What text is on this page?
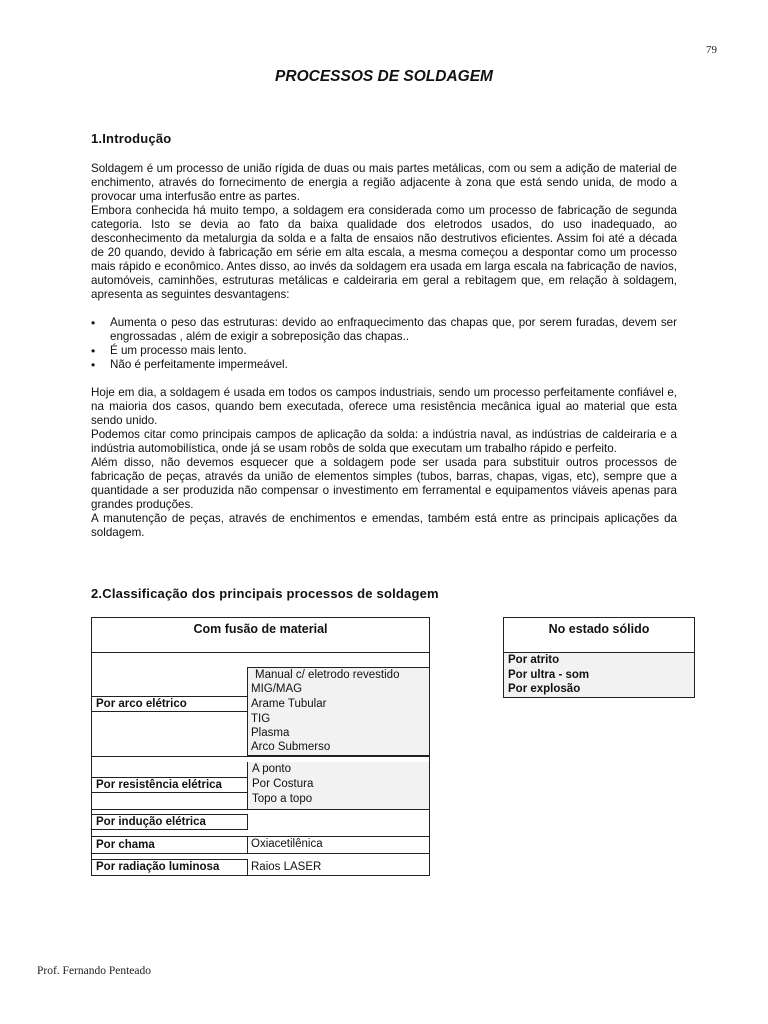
79
PROCESSOS DE SOLDAGEM
1.Introdução

Soldagem é um processo de união rígida de duas ou mais partes metálicas, com ou sem a adição de material de enchimento, através do fornecimento de energia a região adjacente à zona que está sendo unida, de modo a provocar uma interfusão entre as partes.

Embora conhecida há muito tempo, a soldagem era considerada como um processo de fabricação de segunda categoria. Isto se devia ao fato da baixa qualidade dos eletrodos usados, do uso inadequado, ao desconhecimento da metalurgia da solda e a falta de ensaios não destrutivos eficientes. Assim foi até a década de 20 quando, devido à fabricação em série em alta escala, a mesma começou a despontar como um processo mais rápido e econômico. Antes disso, ao invés da soldagem era usada em larga escala na fabricação de navios, automóveis, caminhões, estruturas metálicas e caldeiraria em geral a rebitagem que, em relação à soldagem, apresenta as seguintes desvantagens:

• Aumenta o peso das estruturas: devido ao enfraquecimento das chapas que, por serem furadas, devem ser engrossadas , além de exigir a sobreposição das chapas..
• É um processo mais lento.
• Não é perfeitamente impermeável.

Hoje em dia, a soldagem é usada em todos os campos industriais, sendo um processo perfeitamente confiável e, na maioria dos casos, quando bem executada, oferece uma resistência mecânica igual ao material que esta sendo unido.

Podemos citar como principais campos de aplicação da solda: a indústria naval, as indústrias de caldeiraria e a indústria automobilística, onde já se usam robôs de solda que executam um trabalho rápido e perfeito.

Além disso, não devemos esquecer que a soldagem pode ser usada para substituir outros processos de fabricação de peças, através da união de elementos simples (tubos, barras, chapas, vigas, etc), sempre que a quantidade a ser produzida não compensar o investimento em ferramental e equipamentos viáveis apenas para grandes produções.

A manutenção de peças, através de enchimentos e emendas, também está entre as principais aplicações da soldagem.

2.Classificação dos principais processos de soldagem
Com fusão de material
Manual c/ eletrodo revestido
MIG/MAG
Arame Tubular
TIG
Plasma
Arco Submerso
Por arco elétrico
A ponto
Por Costura
Topo a topo
Por resistência elétrica
Por indução elétrica
Por chama	Oxiacetilênica
Por radiação luminosa	Raios LASER
No estado sólido
Por atrito
Por ultra - som
Por explosão
Prof. Fernando Penteado
